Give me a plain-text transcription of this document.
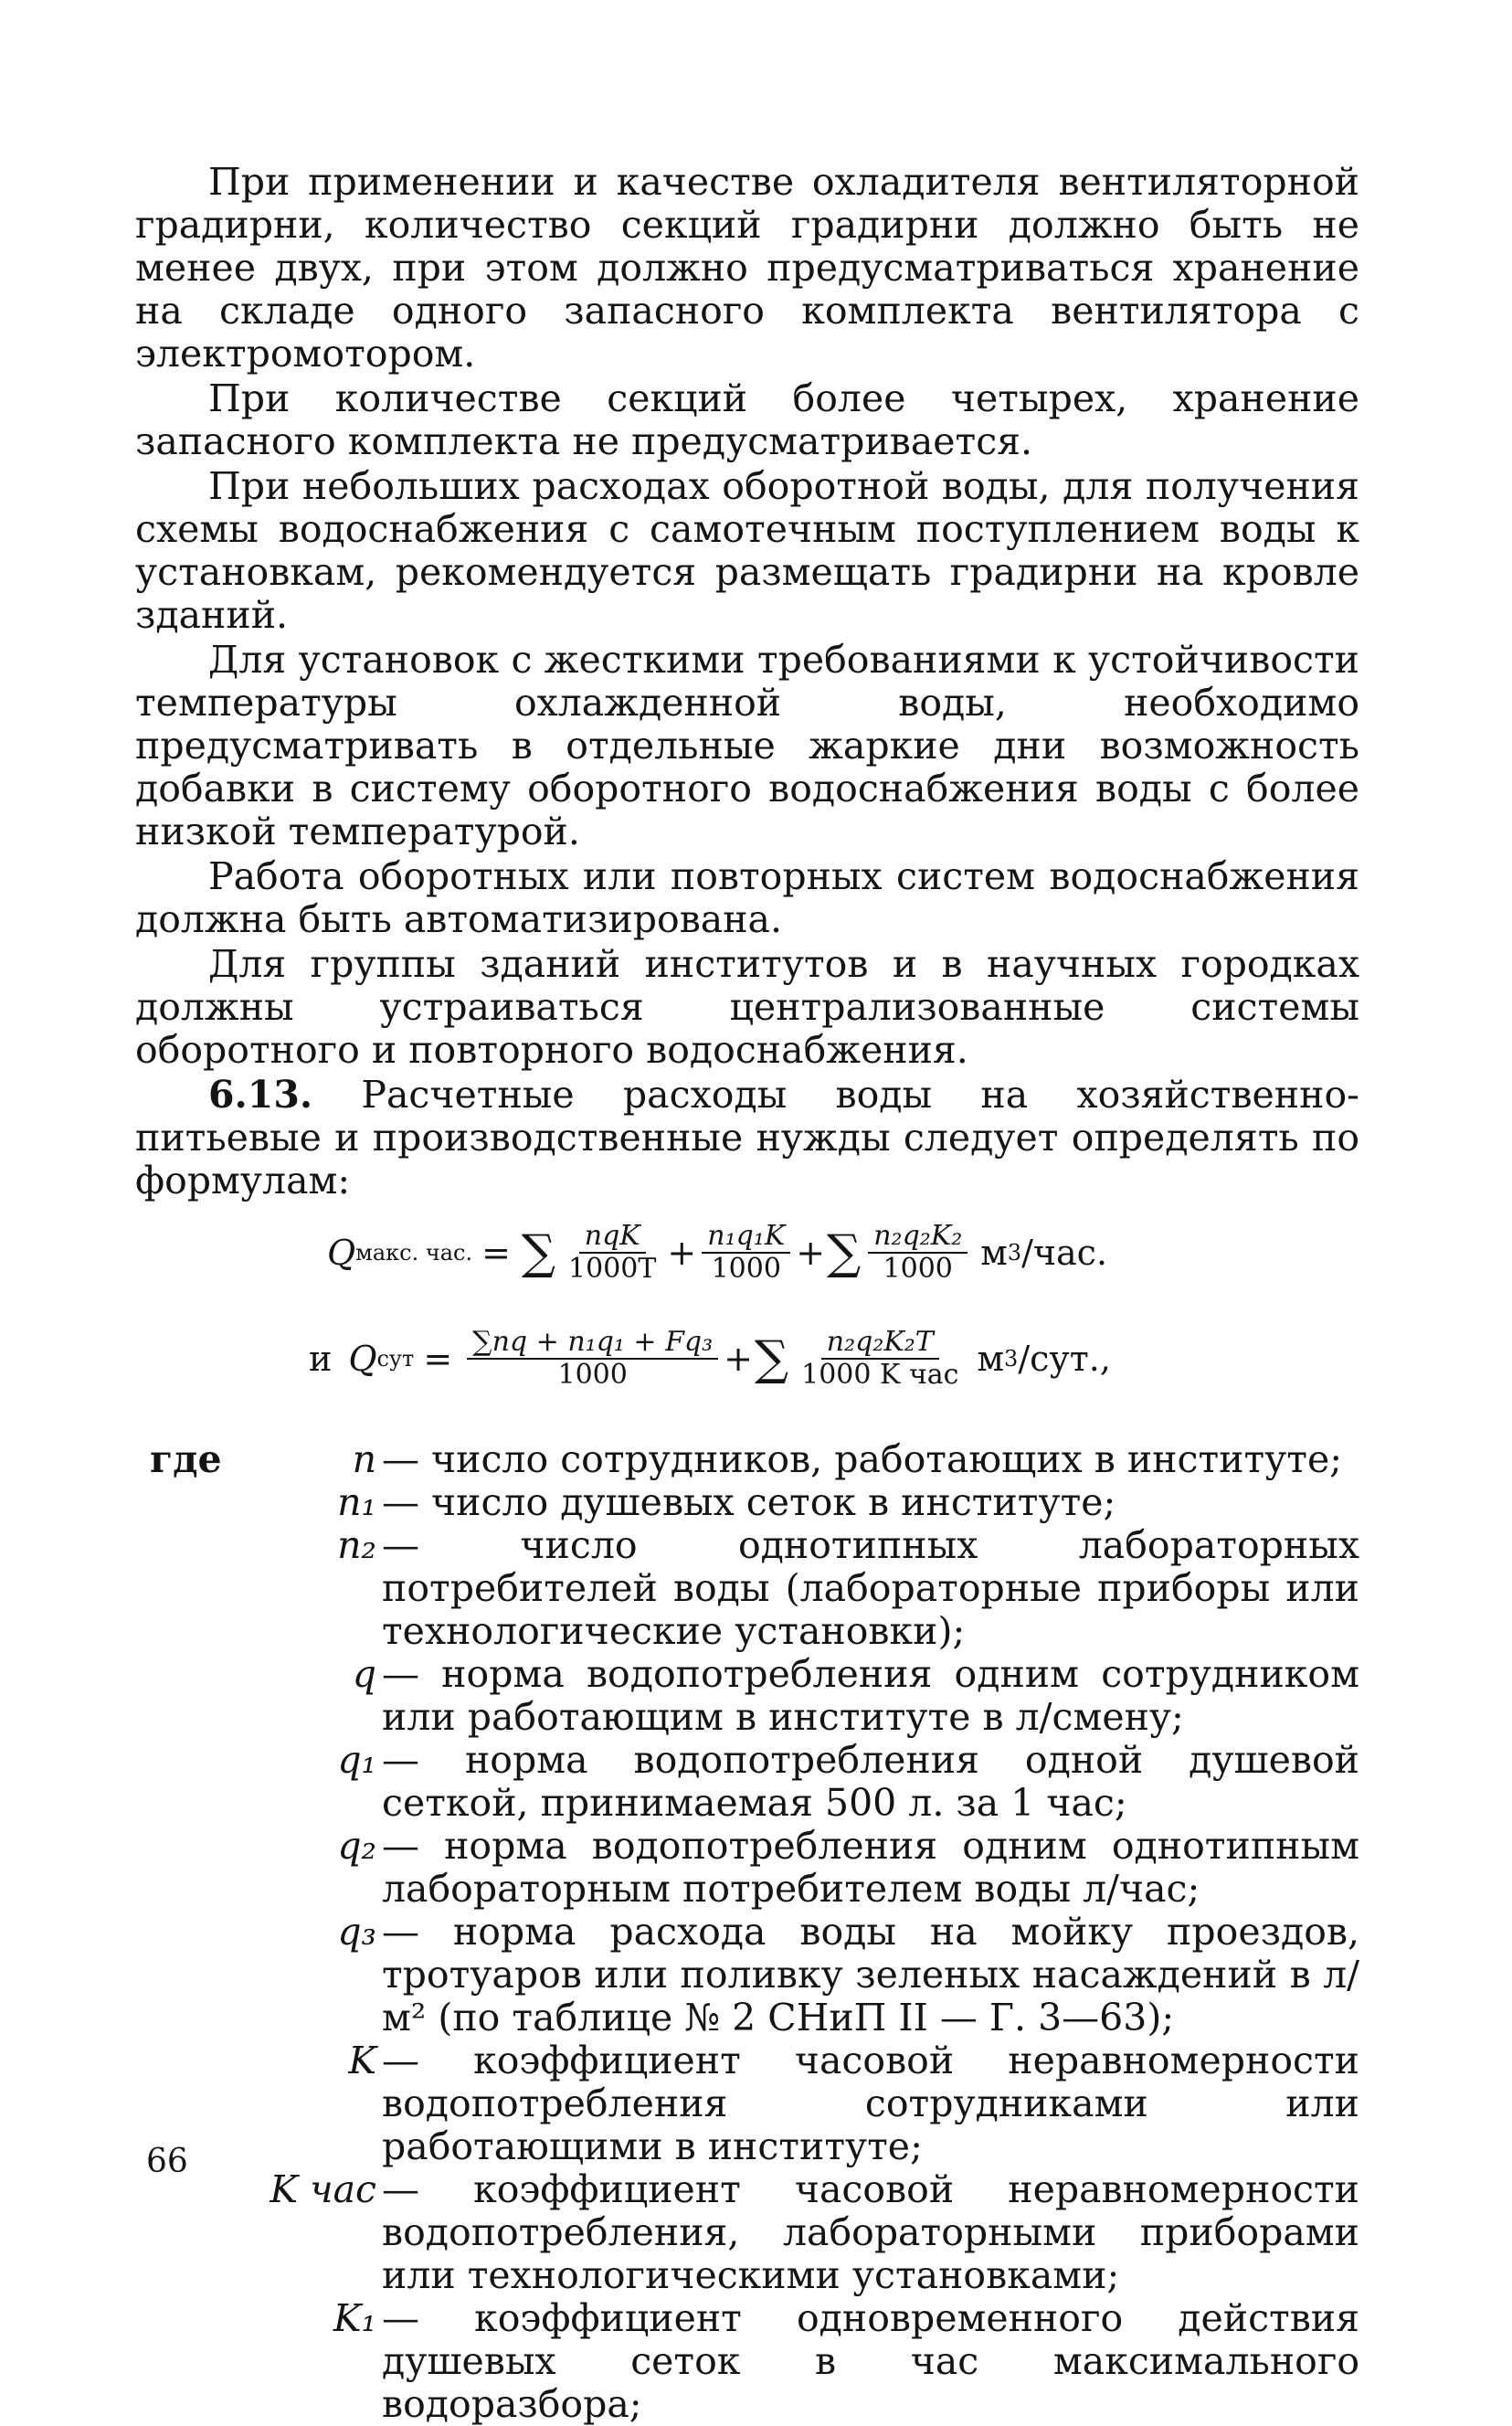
При применении и качестве охладителя вентиляторной градирни, количество секций градирни должно быть не менее двух, при этом должно предусматриваться хранение на складе одного запасного комплекта вентилятора с электромотором.

При количестве секций более четырех, хранение запасного комплекта не предусматривается.

При небольших расходах оборотной воды, для получения схемы водоснабжения с самотечным поступлением воды к установкам, рекомендуется размещать градирни на кровле зданий.

Для установок с жесткими требованиями к устойчивости температуры охлажденной воды, необходимо предусматривать в отдельные жаркие дни возможность добавки в систему оборотного водоснабжения воды с более низкой температурой.

Работа оборотных или повторных систем водоснабжения должна быть автоматизирована.

Для группы зданий институтов и в научных городках должны устраиваться централизованные системы оборотного и повторного водоснабжения.

6.13. Расчетные расходы воды на хозяйственно-питьевые и производственные нужды следует определять по формулам:

Q макс. час. = ∑ $\frac{\text{nqK}}{1000T} + \frac{\text{n₁q₁K}}{1000}$ + ∑ $\frac{\text{n₂q₂K₂}}{1000}$ м 3 /час.
и Q сут = $\frac{\text{∑nq + n₁q₁ + Fq₃}}{1000}$ + ∑ $\frac{\text{n₂q₂K₂T}}{\text{1000 K час}}$ м 3 /сут.,
где	n — число сотрудников, работающих в институте;
n₁ — число душевых сеток в институте;
n₂ — число однотипных лабораторных потребителей воды (лабораторные приборы или технологические установки);
q — норма водопотребления одним сотрудником или работающим в институте в л/смену;
q₁ — норма водопотребления одной душевой сеткой, принимаемая 500 л. за 1 час;
q₂ — норма водопотребления одним однотипным лабораторным потребителем воды л/час;
q₃ — норма расхода воды на мойку проездов, тротуаров или поливку зеленых насаждений в л/м² (по таблице № 2 СНиП II — Г. 3—63);
K — коэффициент часовой неравномерности водопотребления сотрудниками или работающими в институте;
K час — коэффициент часовой неравномерности водопотребления, лабораторными приборами или технологическими установками;
K₁ — коэффициент одновременного действия душевых сеток в час максимального водоразбора;
66
